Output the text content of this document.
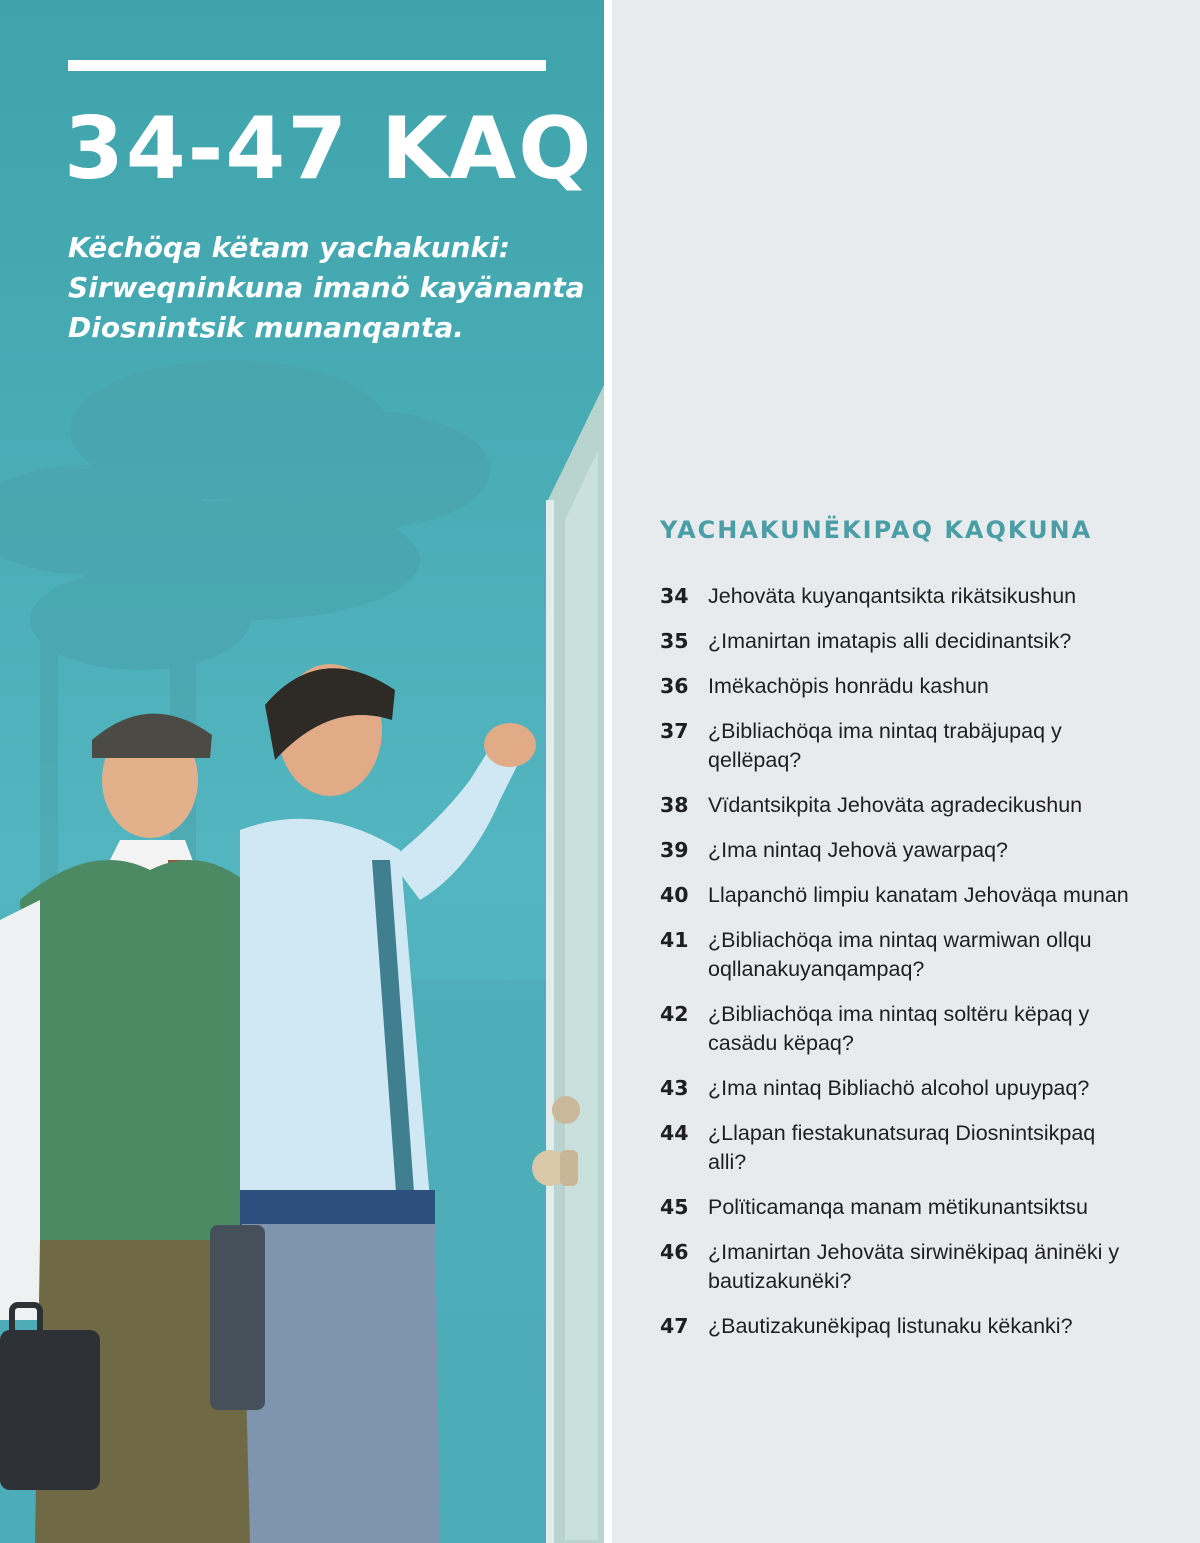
34-47 KAQ

Këchöqa këtam yachakunki: Sirweqninkuna imanö kayänanta Diosnintsik munanqanta.

YACHAKUNËKIPAQ KAQKUNA
34 Jehoväta kuyanqantsikta rikätsikushun
35 ¿Imanirtan imatapis alli decidinantsik?
36 Imëkachöpis honrädu kashun
37 ¿Bibliachöqa ima nintaq trabäjupaq y qellëpaq?
38 Vïdantsikpita Jehoväta agradecikushun
39 ¿Ima nintaq Jehovä yawarpaq?
40 Llapanchö limpiu kanatam Jehoväqa munan
41 ¿Bibliachöqa ima nintaq warmiwan ollqu oqllanakuyanqampaq?
42 ¿Bibliachöqa ima nintaq soltëru këpaq y casädu këpaq?
43 ¿Ima nintaq Bibliachö alcohol upuypaq?
44 ¿Llapan fiestakunatsuraq Diosnintsikpaq alli?
45 Polïticamanqa manam mëtikunantsiktsu
46 ¿Imanirtan Jehoväta sirwinëkipaq äninëki y bautizakunëki?
47 ¿Bautizakunëkipaq listunaku këkanki?
